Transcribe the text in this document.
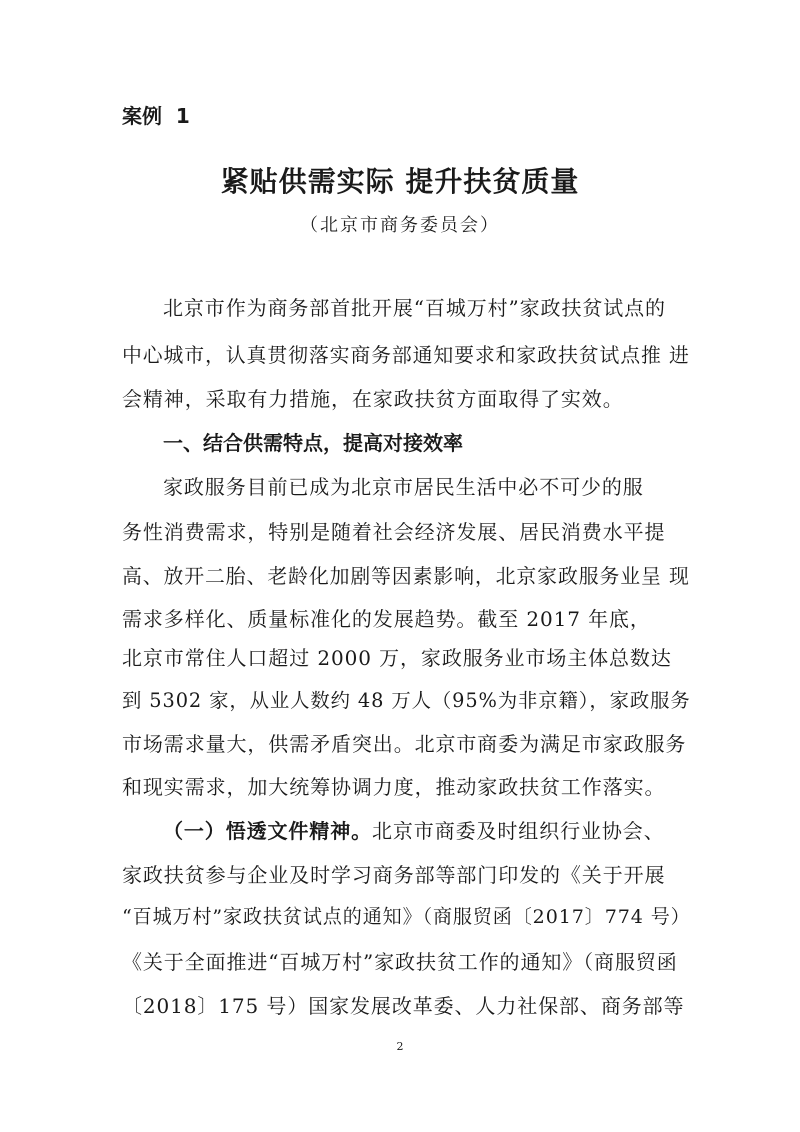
案例  1
紧贴供需实际 提升扶贫质量
（北京市商务委员会）
北京市作为商务部首批开展“百城万村”家政扶贫试点的
中心城市，认真贯彻落实商务部通知要求和家政扶贫试点推 进
会精神，采取有力措施，在家政扶贫方面取得了实效。
一、结合供需特点，提高对接效率
家政服务目前已成为北京市居民生活中必不可少的服
务性消费需求，特别是随着社会经济发展、居民消费水平提
高、放开二胎、老龄化加剧等因素影响，北京家政服务业呈 现
需求多样化、质量标准化的发展趋势。截至 2017 年底，
北京市常住人口超过 2000 万，家政服务业市场主体总数达
到 5302 家，从业人数约 48 万人（95%为非京籍），家政服务
市场需求量大，供需矛盾突出。北京市商委为满足市家政服务
和现实需求，加大统筹协调力度，推动家政扶贫工作落实。
（一）悟透文件精神。北京市商委及时组织行业协会、
家政扶贫参与企业及时学习商务部等部门印发的《关于开展
“百城万村”家政扶贫试点的通知》（商服贸函〔2017〕774 号）
《关于全面推进“百城万村”家政扶贫工作的通知》（商服贸函
〔2018〕175 号）国家发展改革委、人力社保部、商务部等
2
